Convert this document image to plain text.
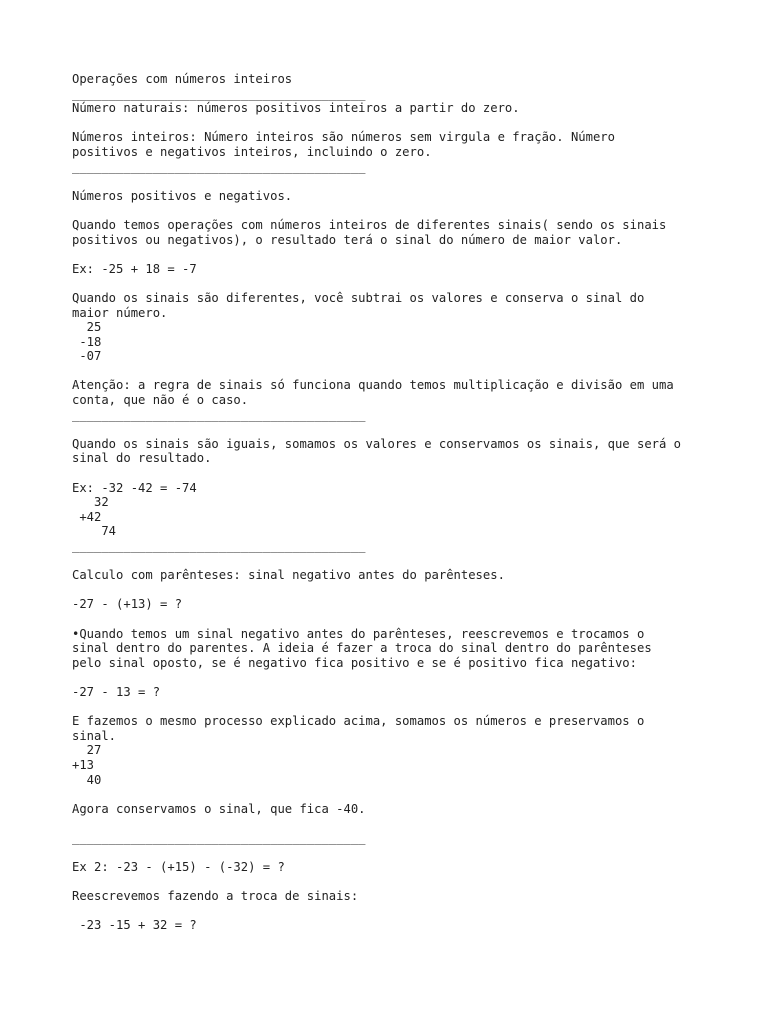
Operações com números inteiros
________________________________________
Número naturais: números positivos inteiros a partir do zero.
Números inteiros: Número inteiros são números sem virgula e fração. Número
positivos e negativos inteiros, incluindo o zero.
________________________________________
Números positivos e negativos.
Quando temos operações com números inteiros de diferentes sinais( sendo os sinais
positivos ou negativos), o resultado terá o sinal do número de maior valor.
Ex: -25 + 18 = -7
Quando os sinais são diferentes, você subtrai os valores e conserva o sinal do
maior número.
25
-18
-07
Atenção: a regra de sinais só funciona quando temos multiplicação e divisão em uma
conta, que não é o caso.
________________________________________
Quando os sinais são iguais, somamos os valores e conservamos os sinais, que será o
sinal do resultado.
Ex: -32 -42 = -74
32
+42
74
________________________________________
Calculo com parênteses: sinal negativo antes do parênteses.
-27 - (+13) = ?
•Quando temos um sinal negativo antes do parênteses, reescrevemos e trocamos o
sinal dentro do parentes. A ideia é fazer a troca do sinal dentro do parênteses
pelo sinal oposto, se é negativo fica positivo e se é positivo fica negativo:
-27 - 13 = ?
E fazemos o mesmo processo explicado acima, somamos os números e preservamos o
sinal.
27
+13
40
Agora conservamos o sinal, que fica -40.
________________________________________
Ex 2: -23 - (+15) - (-32) = ?
Reescrevemos fazendo a troca de sinais:
-23 -15 + 32 = ?
